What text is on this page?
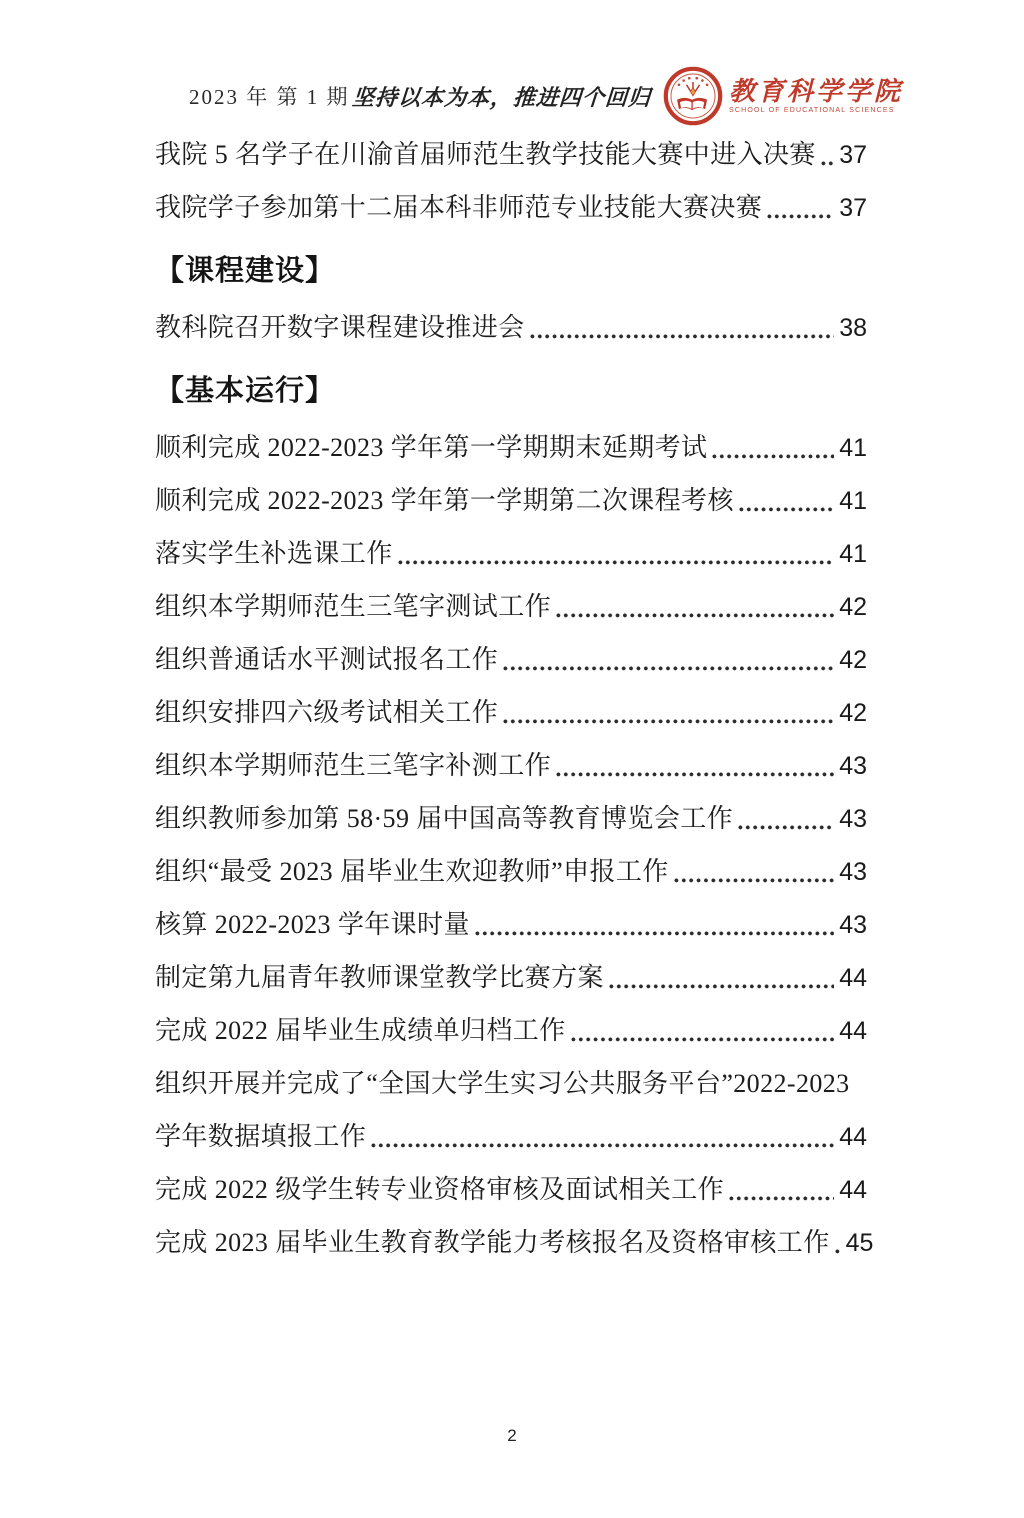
2023 年 第 1 期 坚持以本为本，推进四个回归	教育科学学院
SCHOOL OF EDUCATIONAL SCIENCES
我院 5 名学子在川渝首届师范生教学技能大赛中进入决赛 37
我院学子参加第十二届本科非师范专业技能大赛决赛	37
【课程建设】
教科院召开数字课程建设推进会	38
【基本运行】
顺利完成 2022-2023 学年第一学期期末延期考试	41
顺利完成 2022-2023 学年第一学期第二次课程考核	41
落实学生补选课工作	41
组织本学期师范生三笔字测试工作	42
组织普通话水平测试报名工作	42
组织安排四六级考试相关工作	42
组织本学期师范生三笔字补测工作	43
组织教师参加第 58·59 届中国高等教育博览会工作	43
组织“最受 2023 届毕业生欢迎教师”申报工作	43
核算 2022-2023 学年课时量	43
制定第九届青年教师课堂教学比赛方案	44
完成 2022 届毕业生成绩单归档工作	44
组织开展并完成了“全国大学生实习公共服务平台”2022-2023
学年数据填报工作	44
完成 2022 级学生转专业资格审核及面试相关工作	44
完成 2023 届毕业生教育教学能力考核报名及资格审核工作 45
2
